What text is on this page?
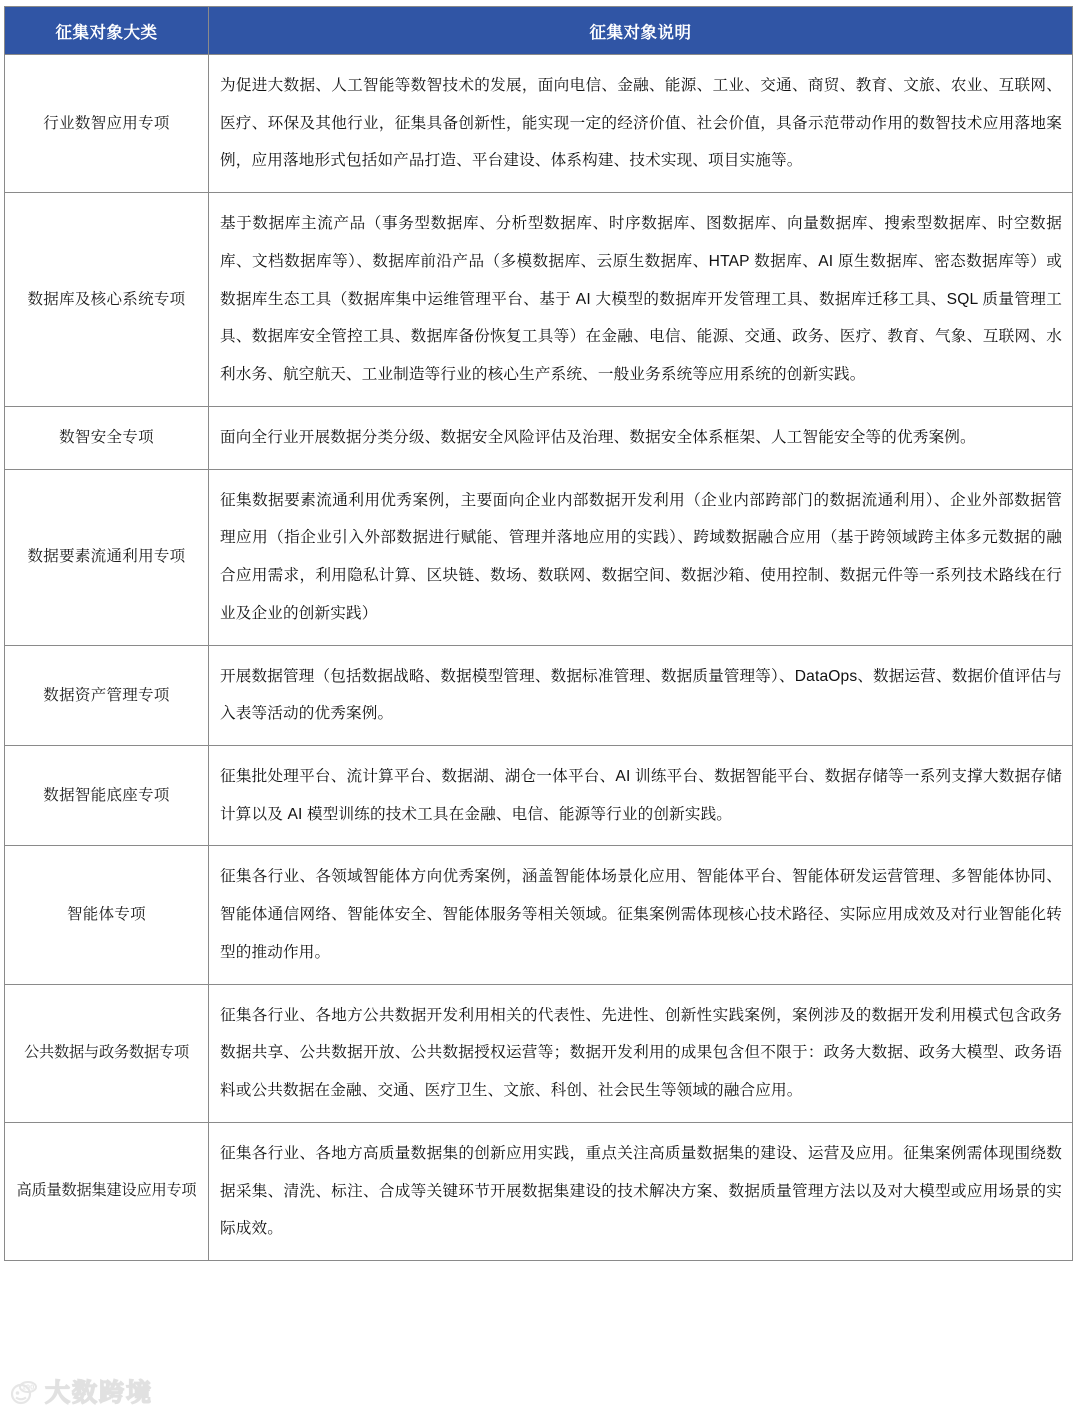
征集对象大类	征集对象说明
行业数智应用专项	为促进大数据、人工智能等数智技术的发展，面向电信、金融、能源、工业、交通、商贸、教育、文旅、农业、互联网、医疗、环保及其他行业，征集具备创新性，能实现一定的经济价值、社会价值，具备示范带动作用的数智技术应用落地案例，应用落地形式包括如产品打造、平台建设、体系构建、技术实现、项目实施等。
数据库及核心系统专项	基于数据库主流产品（事务型数据库、分析型数据库、时序数据库、图数据库、向量数据库、搜索型数据库、时空数据库、文档数据库等）、数据库前沿产品（多模数据库、云原生数据库、HTAP 数据库、AI 原生数据库、密态数据库等）或数据库生态工具（数据库集中运维管理平台、基于 AI 大模型的数据库开发管理工具、数据库迁移工具、SQL 质量管理工具、数据库安全管控工具、数据库备份恢复工具等）在金融、电信、能源、交通、政务、医疗、教育、气象、互联网、水利水务、航空航天、工业制造等行业的核心生产系统、一般业务系统等应用系统的创新实践。
数智安全专项	面向全行业开展数据分类分级、数据安全风险评估及治理、数据安全体系框架、人工智能安全等的优秀案例。
数据要素流通利用专项	征集数据要素流通利用优秀案例，主要面向企业内部数据开发利用（企业内部跨部门的数据流通利用）、企业外部数据管理应用（指企业引入外部数据进行赋能、管理并落地应用的实践）、跨域数据融合应用（基于跨领域跨主体多元数据的融合应用需求，利用隐私计算、区块链、数场、数联网、数据空间、数据沙箱、使用控制、数据元件等一系列技术路线在行业及企业的创新实践）
数据资产管理专项	开展数据管理（包括数据战略、数据模型管理、数据标准管理、数据质量管理等）、DataOps、数据运营、数据价值评估与入表等活动的优秀案例。
数据智能底座专项	征集批处理平台、流计算平台、数据湖、湖仓一体平台、AI 训练平台、数据智能平台、数据存储等一系列支撑大数据存储计算以及 AI 模型训练的技术工具在金融、电信、能源等行业的创新实践。
智能体专项	征集各行业、各领域智能体方向优秀案例，涵盖智能体场景化应用、智能体平台、智能体研发运营管理、多智能体协同、智能体通信网络、智能体安全、智能体服务等相关领域。征集案例需体现核心技术路径、实际应用成效及对行业智能化转型的推动作用。
公共数据与政务数据专项	征集各行业、各地方公共数据开发利用相关的代表性、先进性、创新性实践案例，案例涉及的数据开发利用模式包含政务数据共享、公共数据开放、公共数据授权运营等；数据开发利用的成果包含但不限于：政务大数据、政务大模型、政务语料或公共数据在金融、交通、医疗卫生、文旅、科创、社会民生等领域的融合应用。
高质量数据集建设应用专项	征集各行业、各地方高质量数据集的创新应用实践，重点关注高质量数据集的建设、运营及应用。征集案例需体现围绕数据采集、清洗、标注、合成等关键环节开展数据集建设的技术解决方案、数据质量管理方法以及对大模型或应用场景的实际成效。
100 大数跨境
